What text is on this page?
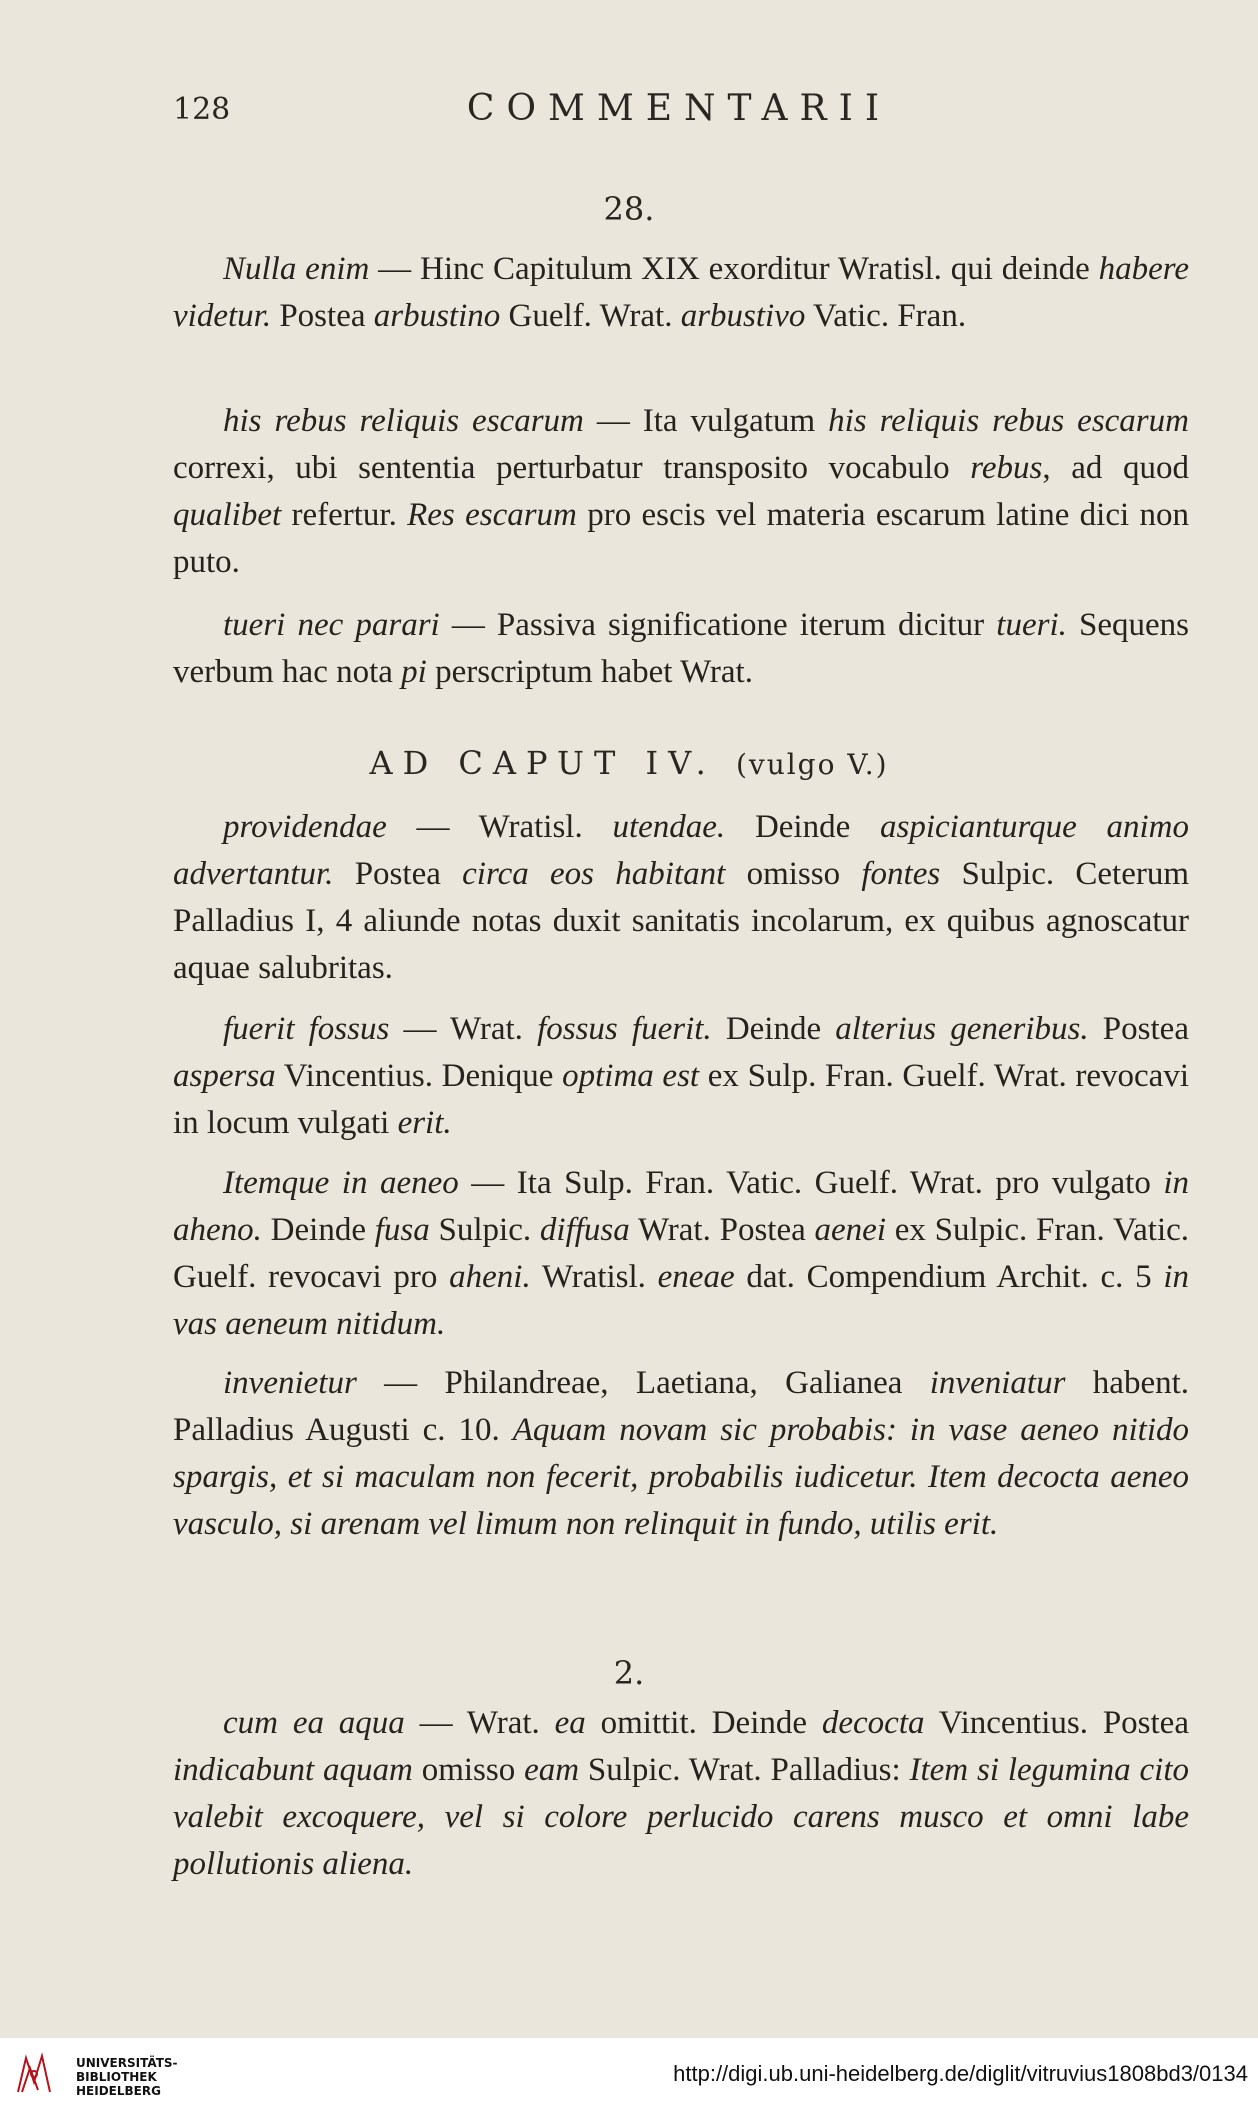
128	COMMENTARII
28.

Nulla enim — Hinc Capitulum XIX exorditur Wratisl. qui deinde habere videtur. Postea arbustino Guelf. Wrat. arbustivo Vatic. Fran.

his rebus reliquis escarum — Ita vulgatum his reliquis rebus escarum correxi, ubi sententia perturbatur transposito vocabulo rebus, ad quod qualibet refertur. Res escarum pro escis vel materia escarum latine dici non puto.

tueri nec parari — Passiva significatione iterum dicitur tueri. Sequens verbum hac nota pi perscriptum habet Wrat.

AD CAPUT IV. (vulgo V.)

providendae — Wratisl. utendae. Deinde aspicianturque animo advertantur. Postea circa eos habitant omisso fontes Sulpic. Ceterum Palladius I, 4 aliunde notas duxit sanitatis incolarum, ex quibus agnoscatur aquae salubritas.

fuerit fossus — Wrat. fossus fuerit. Deinde alterius generibus. Postea aspersa Vincentius. Denique optima est ex Sulp. Fran. Guelf. Wrat. revocavi in locum vulgati erit.

Itemque in aeneo — Ita Sulp. Fran. Vatic. Guelf. Wrat. pro vulgato in aheno. Deinde fusa Sulpic. diffusa Wrat. Postea aenei ex Sulpic. Fran. Vatic. Guelf. revocavi pro aheni. Wratisl. eneae dat. Compendium Archit. c. 5 in vas aeneum nitidum.

invenietur — Philandreae, Laetiana, Galianea inveniatur habent. Palladius Augusti c. 10. Aquam novam sic probabis: in vase aeneo nitido spargis, et si maculam non fecerit, probabilis iudicetur. Item decocta aeneo vasculo, si arenam vel limum non relinquit in fundo, utilis erit.

2.

cum ea aqua — Wrat. ea omittit. Deinde decocta Vincentius. Postea indicabunt aquam omisso eam Sulpic. Wrat. Palladius: Item si legumina cito valebit excoquere, vel si colore perlucido carens musco et omni labe pollutionis aliena.

UNIVERSITÄTS-
BIBLIOTHEK
HEIDELBERG
http://digi.ub.uni-heidelberg.de/diglit/vitruvius1808bd3/0134
